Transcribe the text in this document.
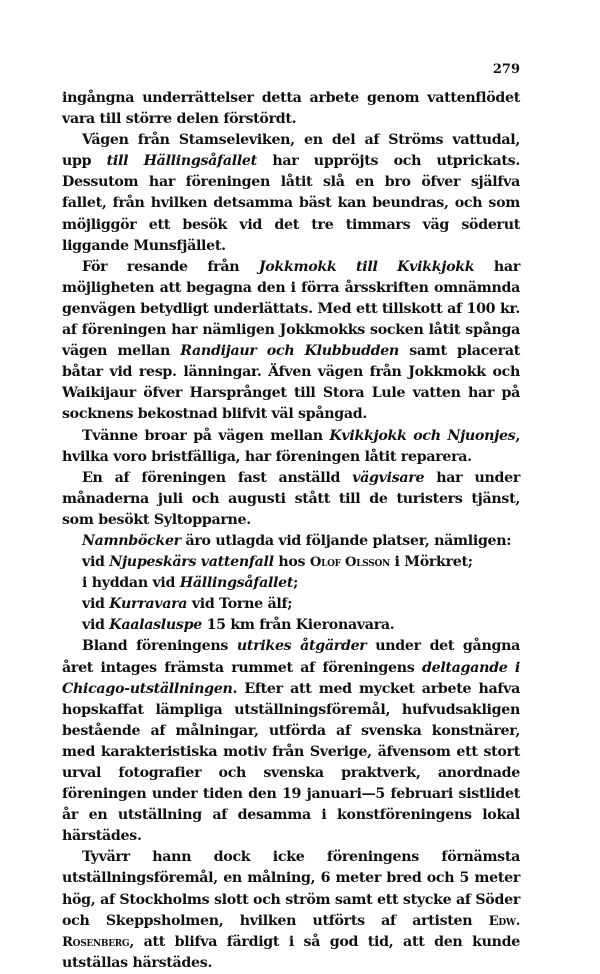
279

ingångna underrättelser detta arbete genom vattenflödet vara till större delen förstördt.

Vägen från Stamseleviken, en del af Ströms vattudal, upp till Hällingsåfallet har uppröjts och utprickats. Dessutom har föreningen låtit slå en bro öfver själfva fallet, från hvilken detsamma bäst kan beundras, och som möjliggör ett besök vid det tre timmars väg söderut liggande Munsfjället.

För resande från Jokkmokk till Kvikkjokk har möjligheten att begagna den i förra årsskriften omnämnda genvägen betydligt underlättats. Med ett tillskott af 100 kr. af föreningen har nämligen Jokkmokks socken låtit spånga vägen mellan Randijaur och Klubbudden samt placerat båtar vid resp. länningar. Äfven vägen från Jokkmokk och Waikijaur öfver Harsprånget till Stora Lule vatten har på socknens bekostnad blifvit väl spångad.

Tvänne broar på vägen mellan Kvikkjokk och Njuonjes, hvilka voro bristfälliga, har föreningen låtit reparera.

En af föreningen fast anställd vägvisare har under månaderna juli och augusti stått till de turisters tjänst, som besökt Syltopparne.

Namnböcker äro utlagda vid följande platser, nämligen:

vid Njupeskärs vattenfall hos Olof Olsson i Mörkret;
i hyddan vid Hällingsåfallet;
vid Kurravara vid Torne älf;
vid Kaalasluspe 15 km från Kieronavara.

Bland föreningens utrikes åtgärder under det gångna året intages främsta rummet af föreningens deltagande i Chicago-utställningen. Efter att med mycket arbete hafva hopskaffat lämpliga utställningsföremål, hufvudsakligen bestående af målningar, utförda af svenska konstnärer, med karakteristiska motiv från Sverige, äfvensom ett stort urval fotografier och svenska praktverk, anordnade föreningen under tiden den 19 januari—5 februari sistlidet år en utställning af desamma i konstföreningens lokal härstädes.

Tyvärr hann dock icke föreningens förnämsta utställningsföremål, en målning, 6 meter bred och 5 meter hög, af Stockholms slott och ström samt ett stycke af Söder och Skeppsholmen, hvilken utförts af artisten Edw. Rosenberg, att blifva färdigt i så god tid, att den kunde utställas härstädes.
